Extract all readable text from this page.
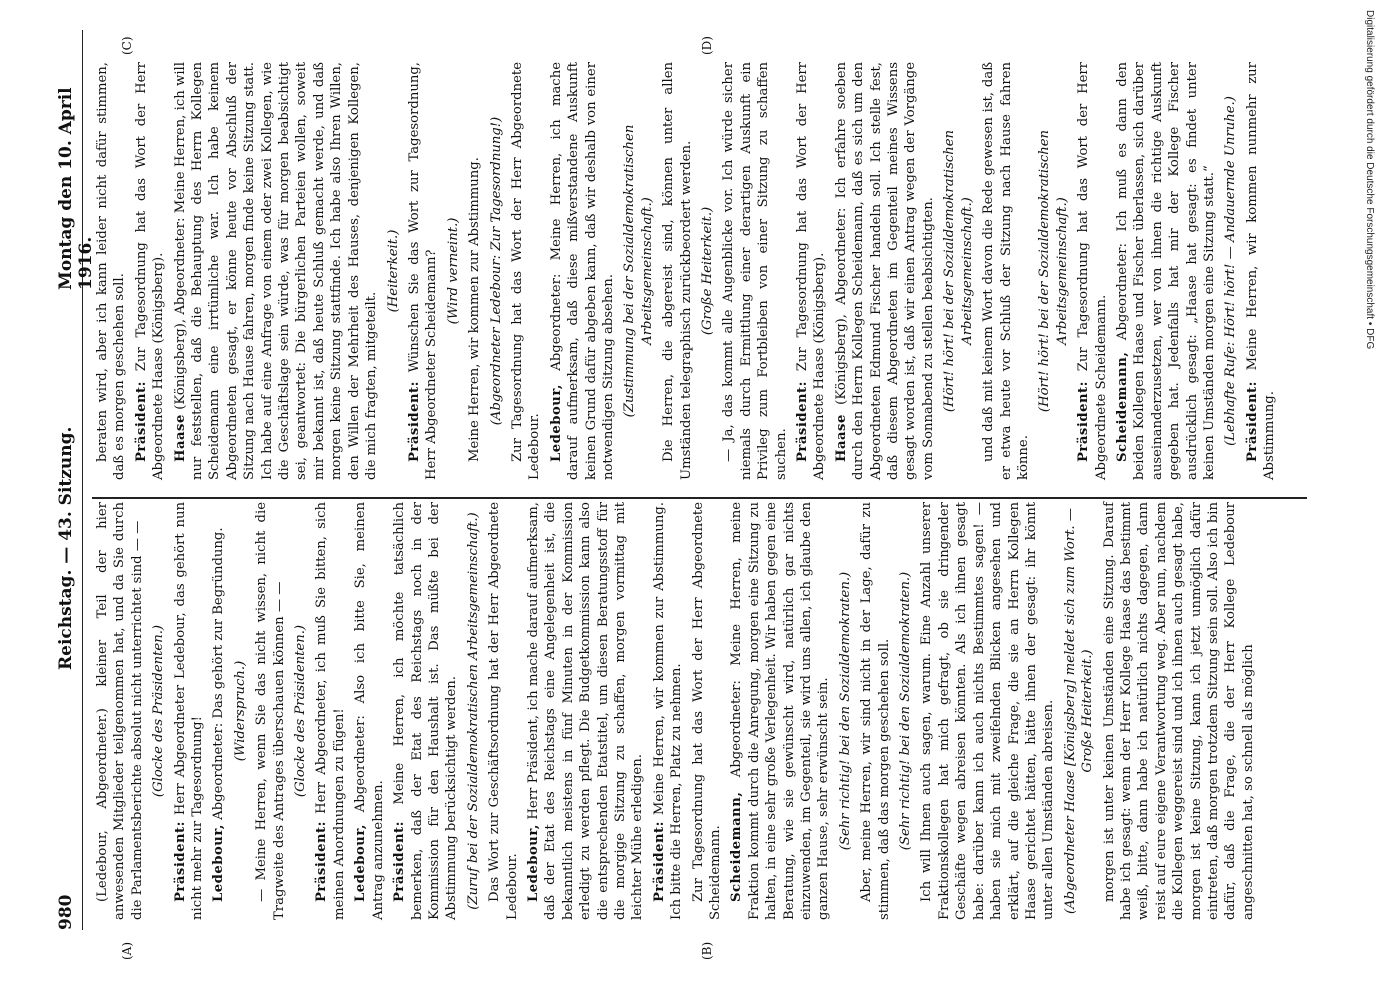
980
Reichstag. — 43. Sitzung.
Montag den 10. April 1916.
(A)	(B)
(C)	(D)

(Ledebour, Abgeordneter.) kleiner Teil der hier anwesenden Mitglieder teilgenommen hat, und da Sie durch die Parlamentsberichte absolut nicht unterrichtet sind — — (Glocke des Präsidenten.)

Präsident: Herr Abgeordneter Ledebour, das gehört nun nicht mehr zur Tagesordnung! Ledebour, Abgeordneter: Das gehört zur Begründung. (Widerspruch.) — Meine Herren, wenn Sie das nicht wissen, nicht die Tragweite des Antrages überschauen können — — (Glocke des Präsidenten.)

Präsident: Herr Abgeordneter, ich muß Sie bitten, sich meinen Anordnungen zu fügen! Ledebour, Abgeordneter: Also ich bitte Sie, meinen Antrag anzunehmen. Präsident: Meine Herren, ich möchte tatsächlich bemerken, daß der Etat des Reichstags noch in der Kommission für den Haushalt ist. Das müßte bei der Abstimmung berücksichtigt werden. (Zuruf bei der Sozialdemokratischen Arbeitsgemeinschaft.) Das Wort zur Geschäftsordnung hat der Herr Abgeordnete Ledebour. Ledebour, Herr Präsident, ich mache darauf aufmerksam, daß der Etat des Reichstags eine Angelegenheit ist, die bekanntlich meistens in fünf Minuten in der Kommission erledigt zu werden pflegt. Die Budgetkommission kann also die entsprechenden Etatstitel, um diesen Beratungsstoff für die morgige Sitzung zu schaffen, morgen vormittag mit leichter Mühe erledigen. Präsident: Meine Herren, wir kommen zur Abstimmung. Ich bitte die Herren, Platz zu nehmen. Zur Tagesordnung hat das Wort der Herr Abgeordnete Scheidemann. Scheidemann, Abgeordneter: Meine Herren, meine Fraktion kommt durch die Anregung, morgen eine Sitzung zu halten, in eine sehr große Verlegenheit. Wir haben gegen eine Beratung, wie sie gewünscht wird, natürlich gar nichts einzuwenden, im Gegenteil, sie wird uns allen, ich glaube den ganzen Hause, sehr erwünscht sein. (Sehr richtig! bei den Sozialdemokraten.) Aber, meine Herren, wir sind nicht in der Lage, dafür zu stimmen, daß das morgen geschehen soll. (Sehr richtig! bei den Sozialdemokraten.) Ich will Ihnen auch sagen, warum. Eine Anzahl unserer Fraktionskollegen hat mich gefragt, ob sie dringender Geschäfte wegen abreisen könnten. Als ich ihnen gesagt habe: darüber kann ich auch nichts Bestimmtes sagen! — haben sie mich mit zweifelnden Blicken angesehen und erklärt, auf die gleiche Frage, die sie an Herrn Kollegen Haase gerichtet hätten, hätte ihnen der gesagt: ihr könnt unter allen Umständen abreisen. (Abgeordneter Haase [Königsberg] meldet sich zum Wort. — Große Heiterkeit.) morgen ist unter keinen Umständen eine Sitzung. Darauf habe ich gesagt: wenn der Herr Kollege Haase das bestimmt weiß, bitte, dann habe ich natürlich nichts dagegen, dann reist auf eure eigene Verantwortung weg. Aber nun, nachdem die Kollegen weggereist sind und ich ihnen auch gesagt habe, morgen ist keine Sitzung, kann ich jetzt unmöglich dafür eintreten, daß morgen trotzdem Sitzung sein soll. Also ich bin dafür, daß die Frage, die der Herr Kollege Ledebour angeschnitten hat, so schnell als möglich

beraten wird, aber ich kann leider nicht dafür stimmen, daß es morgen geschehen soll. Präsident: Zur Tagesordnung hat das Wort der Herr Abgeordnete Haase (Königsberg). Haase (Königsberg), Abgeordneter: Meine Herren, ich will nur feststellen, daß die Behauptung des Herrn Kollegen Scheidemann eine irrtümliche war. Ich habe keinem Abgeordneten gesagt, er könne heute vor Abschluß der Sitzung nach Hause fahren, morgen finde keine Sitzung statt. Ich habe auf eine Anfrage von einem oder zwei Kollegen, wie die Geschäftslage sein würde, was für morgen beabsichtigt sei, geantwortet: Die bürgerlichen Parteien wollen, soweit mir bekannt ist, daß heute Schluß gemacht werde, und daß morgen keine Sitzung stattfinde. Ich habe also Ihren Willen, den Willen der Mehrheit des Hauses, denjenigen Kollegen, die mich fragten, mitgeteilt.

(Heiterkeit.)

Präsident: Wünschen Sie das Wort zur Tagesordnung, Herr Abgeordneter Scheidemann? (Wird verneint.) Meine Herren, wir kommen zur Abstimmung. (Abgeordneter Ledebour: Zur Tagesordnung!) Zur Tagesordnung hat das Wort der Herr Abgeordnete Ledebour. Ledebour, Abgeordneter: Meine Herren, ich mache darauf aufmerksam, daß diese mißverstandene Auskunft keinen Grund dafür abgeben kann, daß wir deshalb von einer notwendigen Sitzung absehen. (Zustimmung bei der Sozialdemokratischen Arbeitsgemeinschaft.) Die Herren, die abgereist sind, können unter allen Umständen telegraphisch zurückbeordert werden. (Große Heiterkeit.) — Ja, das kommt alle Augenblicke vor. Ich würde sicher niemals durch Ermittlung einer derartigen Auskunft ein Privileg zum Fortbleiben von einer Sitzung zu schaffen suchen. Präsident: Zur Tagesordnung hat das Wort der Herr Abgeordnete Haase (Königsberg). Haase (Königsberg), Abgeordneter: Ich erfahre soeben durch den Herrn Kollegen Scheidemann, daß es sich um den Abgeordneten Edmund Fischer handeln soll. Ich stelle fest, daß diesem Abgeordneten im Gegenteil meines Wissens gesagt worden ist, daß wir einen Antrag wegen der Vorgänge vom Sonnabend zu stellen beabsichtigten. (Hört! hört! bei der Sozialdemokratischen Arbeitsgemeinschaft.) und daß mit keinem Wort davon die Rede gewesen ist, daß er etwa heute vor Schluß der Sitzung nach Hause fahren könne.

(Hört! hört! bei der Sozialdemokratischen Arbeitsgemeinschaft.)

Präsident: Zur Tagesordnung hat das Wort der Herr Abgeordnete Scheidemann. Scheidemann, Abgeordneter: Ich muß es dann den beiden Kollegen Haase und Fischer überlassen, sich darüber auseinanderzusetzen, wer von ihnen die richtige Auskunft gegeben hat. Jedenfalls hat mir der Kollege Fischer ausdrücklich gesagt: „Haase hat gesagt: es findet unter keinen Umständen morgen eine Sitzung statt.“ (Lebhafte Rufe: Hört! hört! — Andauernde Unruhe.) Präsident: Meine Herren, wir kommen nunmehr zur Abstimmung.

Digitalisierung gefördert durch die Deutsche Forschungsgemeinschaft • DFG
